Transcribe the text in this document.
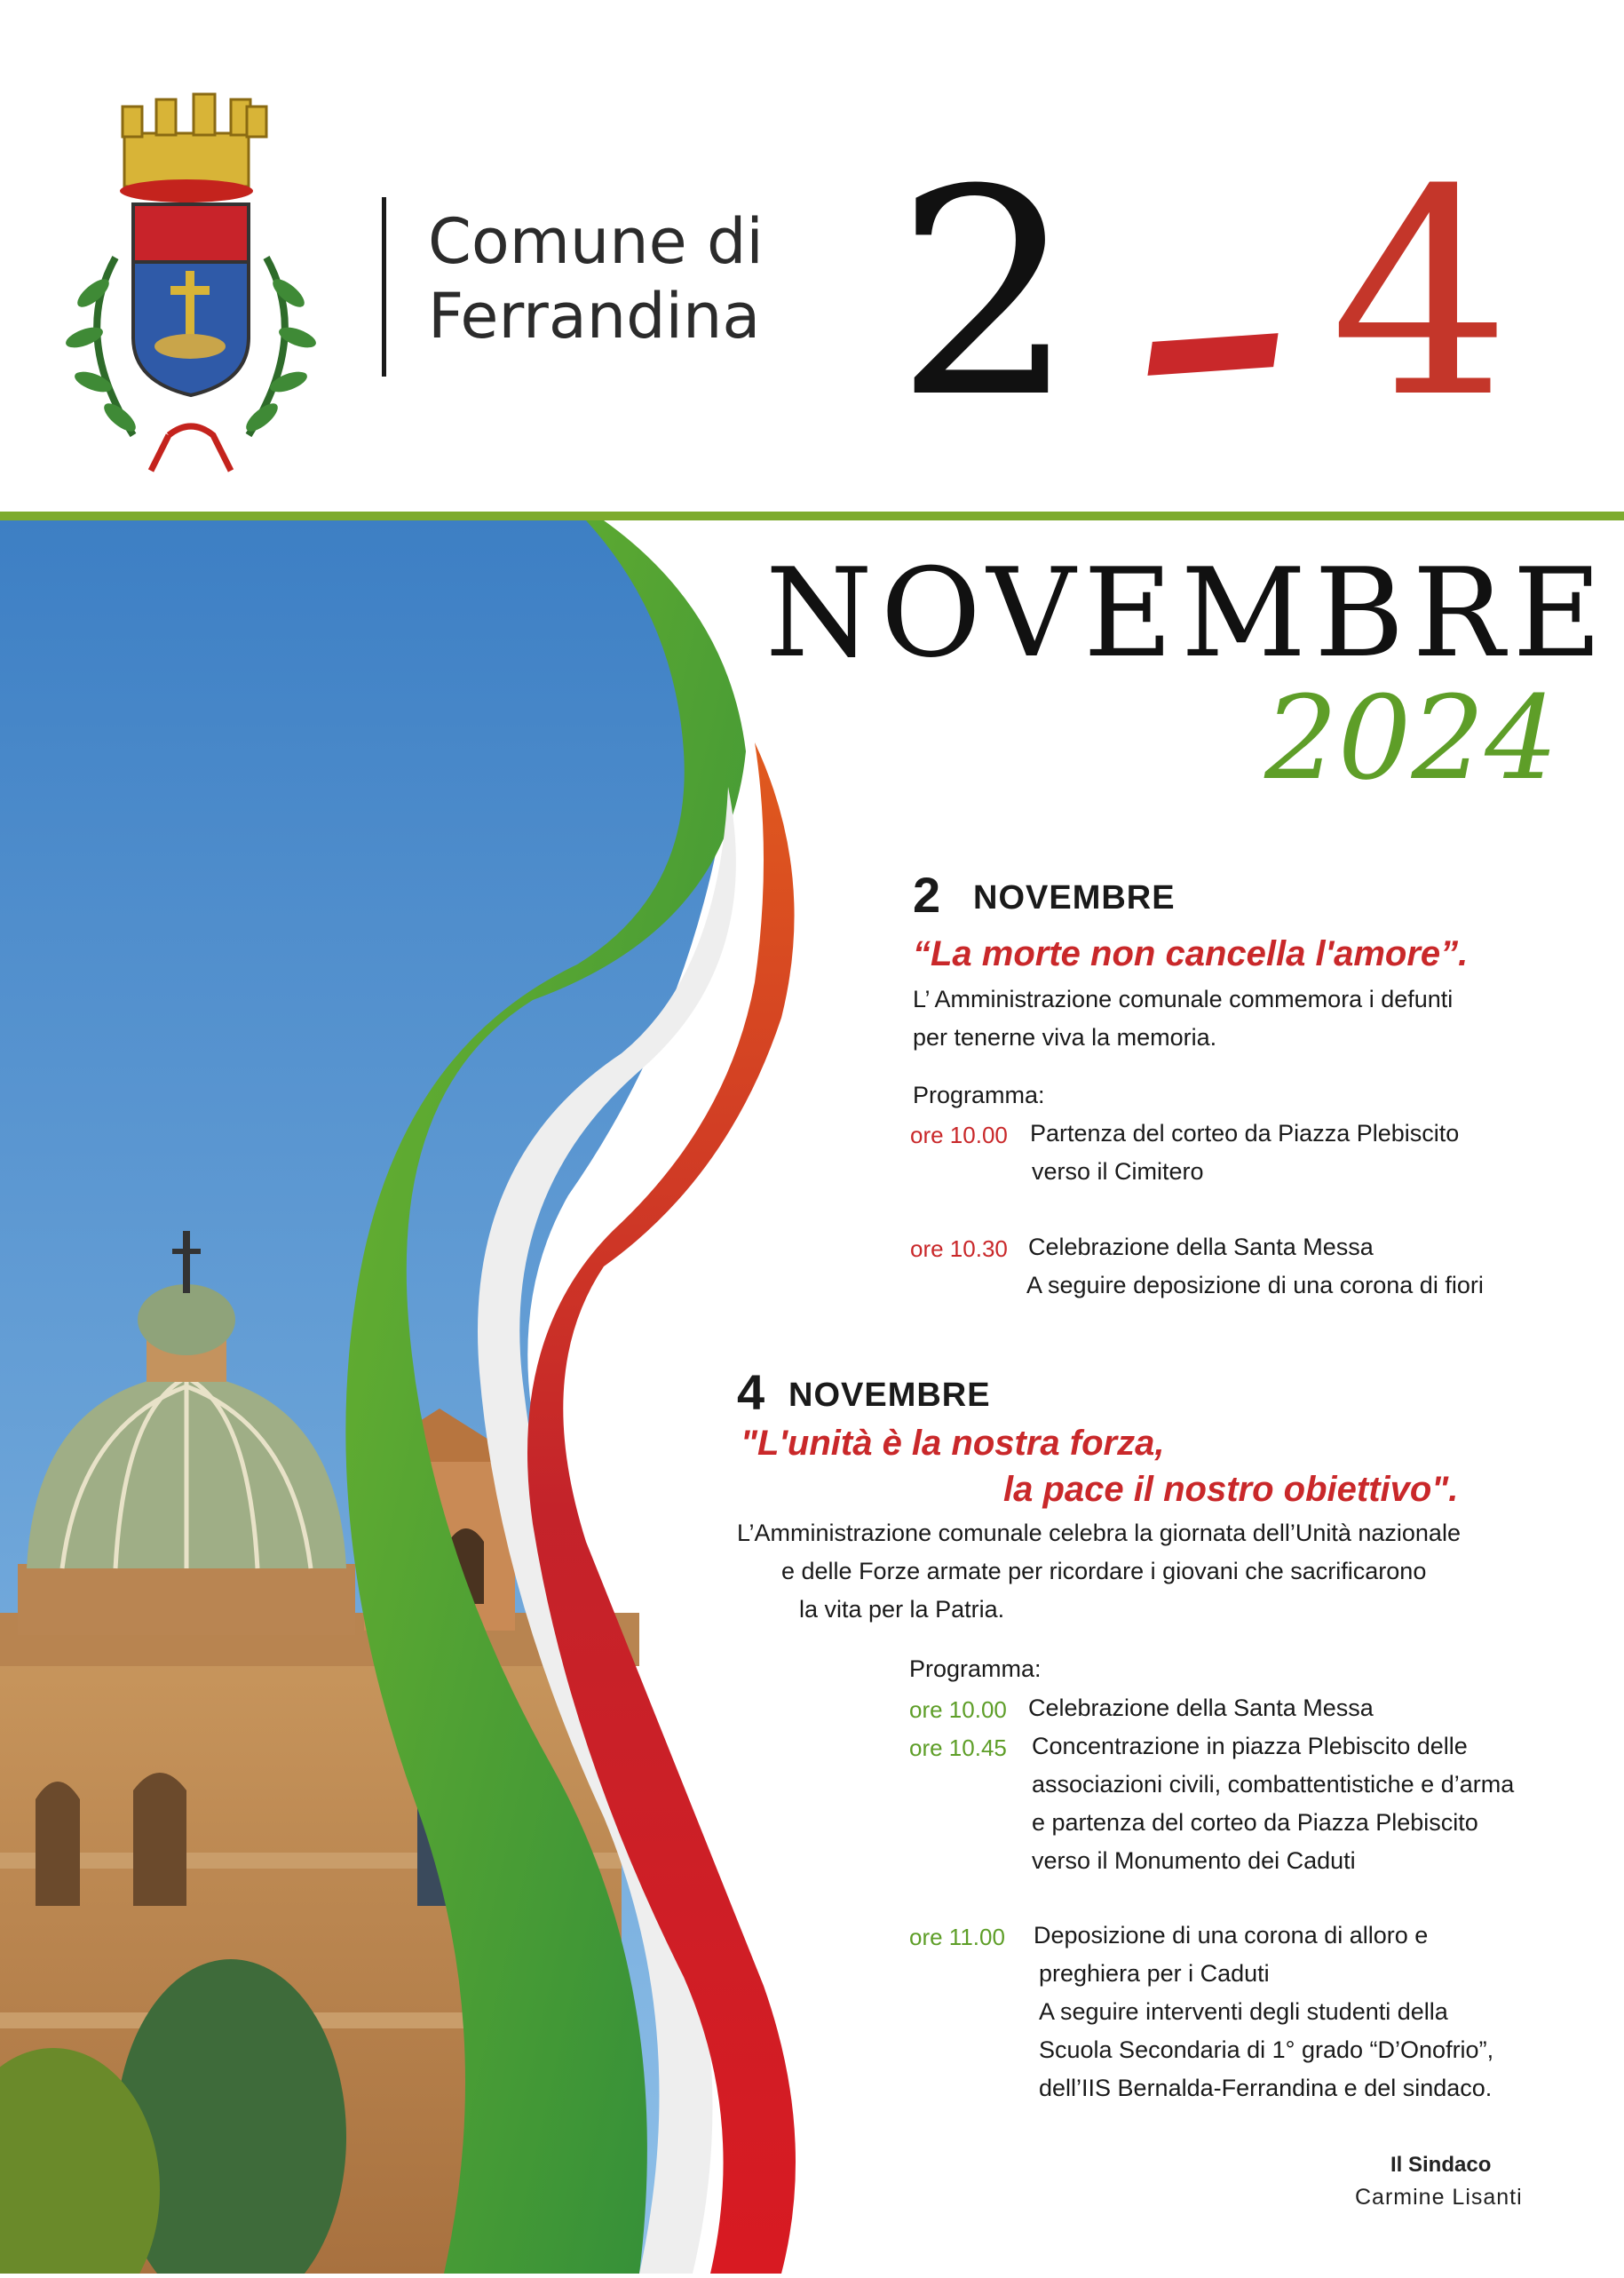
Comune di
Ferrandina 2 4
NOVEMBRE
2024
2 NOVEMBRE
“La morte non cancella l'amore”.
L’ Amministrazione comunale commemora i defunti
per tenerne viva la memoria.
Programma:
ore 10.00 Partenza del corteo da Piazza Plebiscito
verso il Cimitero
ore 10.30 Celebrazione della Santa Messa
A seguire deposizione di una corona di fiori
4 NOVEMBRE
"L'unità è la nostra forza,
la pace il nostro obiettivo".
L’Amministrazione comunale celebra la giornata dell’Unità nazionale
e delle Forze armate per ricordare i giovani che sacrificarono
la vita per la Patria.
Programma:
ore 10.00 Celebrazione della Santa Messa
ore 10.45 Concentrazione in piazza Plebiscito delle
associazioni civili, combattentistiche e d’arma
e partenza del corteo da Piazza Plebiscito
verso il Monumento dei Caduti
ore 11.00 Deposizione di una corona di alloro e
preghiera per i Caduti
A seguire interventi degli studenti della
Scuola Secondaria di 1° grado “D’Onofrio”,
dell’IIS Bernalda-Ferrandina e del sindaco.
Il Sindaco
Carmine Lisanti
